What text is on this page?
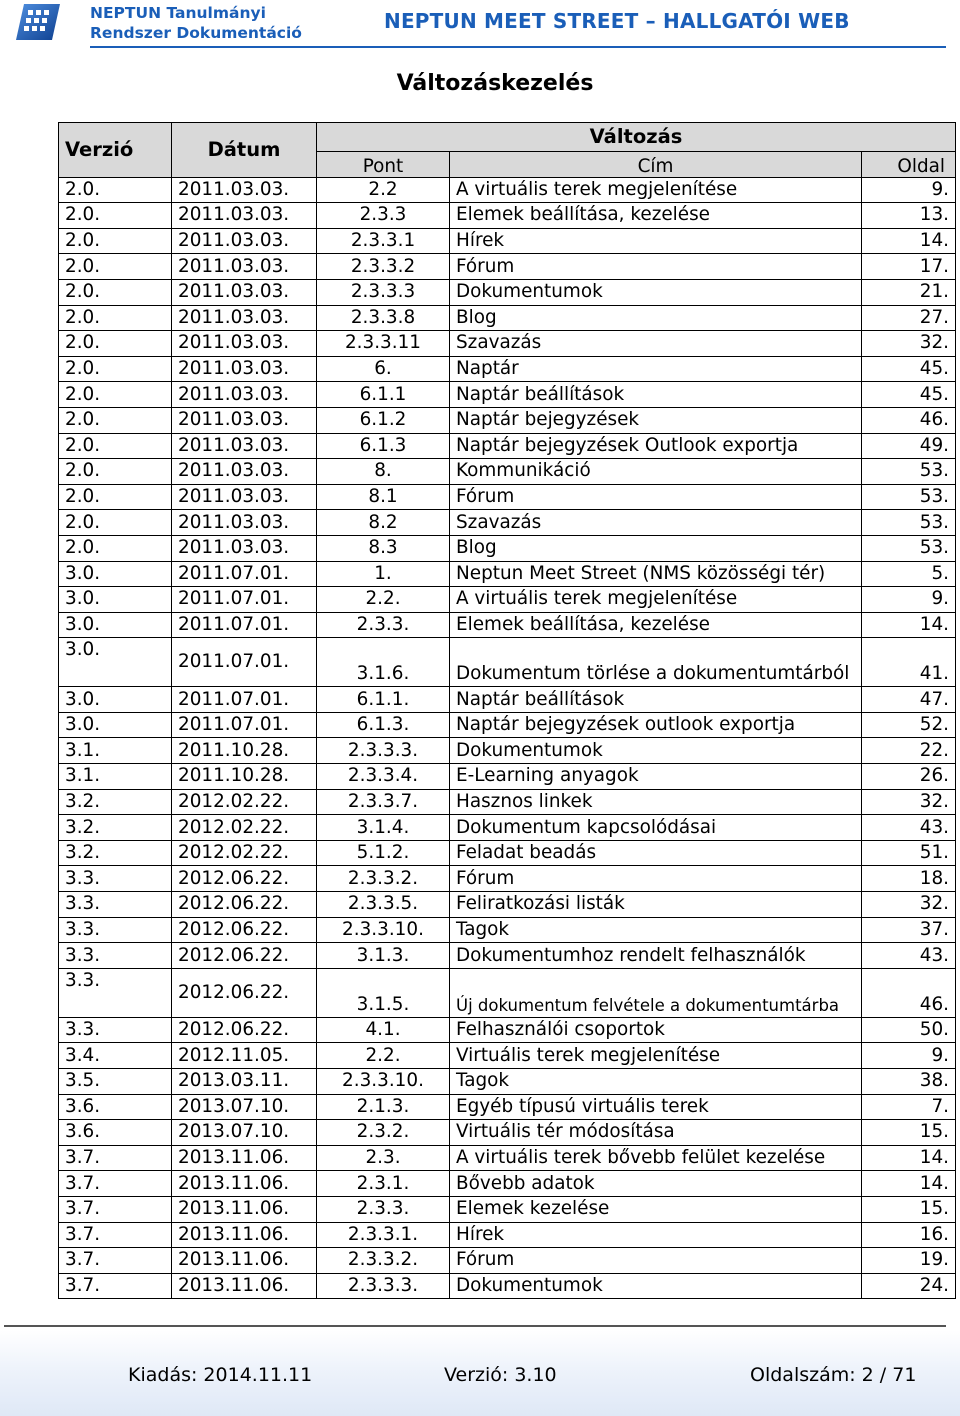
NEPTUN Tanulmányi
Rendszer Dokumentáció	NEPTUN MEET STREET – HALLGATÓI WEB
Változáskezelés
Verzió	Dátum	Változás		
		Pont	Cím	Oldal
2.0.	2011.03.03.	2.2	A virtuális terek megjelenítése	9.
2.0.	2011.03.03.	2.3.3	Elemek beállítása, kezelése	13.
2.0.	2011.03.03.	2.3.3.1	Hírek	14.
2.0.	2011.03.03.	2.3.3.2	Fórum	17.
2.0.	2011.03.03.	2.3.3.3	Dokumentumok	21.
2.0.	2011.03.03.	2.3.3.8	Blog	27.
2.0.	2011.03.03.	2.3.3.11	Szavazás	32.
2.0.	2011.03.03.	6.	Naptár	45.
2.0.	2011.03.03.	6.1.1	Naptár beállítások	45.
2.0.	2011.03.03.	6.1.2	Naptár bejegyzések	46.
2.0.	2011.03.03.	6.1.3	Naptár bejegyzések Outlook exportja	49.
2.0.	2011.03.03.	8.	Kommunikáció	53.
2.0.	2011.03.03.	8.1	Fórum	53.
2.0.	2011.03.03.	8.2	Szavazás	53.
2.0.	2011.03.03.	8.3	Blog	53.
3.0.	2011.07.01.	1.	Neptun Meet Street (NMS közösségi tér)	5.
3.0.	2011.07.01.	2.2.	A virtuális terek megjelenítése	9.
3.0.	2011.07.01.	2.3.3.	Elemek beállítása, kezelése	14.
3.0.	2011.07.01.	3.1.6.	Dokumentum törlése a dokumentumtárból	41.
3.0.	2011.07.01.	6.1.1.	Naptár beállítások	47.
3.0.	2011.07.01.	6.1.3.	Naptár bejegyzések outlook exportja	52.
3.1.	2011.10.28.	2.3.3.3.	Dokumentumok	22.
3.1.	2011.10.28.	2.3.3.4.	E-Learning anyagok	26.
3.2.	2012.02.22.	2.3.3.7.	Hasznos linkek	32.
3.2.	2012.02.22.	3.1.4.	Dokumentum kapcsolódásai	43.
3.2.	2012.02.22.	5.1.2.	Feladat beadás	51.
3.3.	2012.06.22.	2.3.3.2.	Fórum	18.
3.3.	2012.06.22.	2.3.3.5.	Feliratkozási listák	32.
3.3.	2012.06.22.	2.3.3.10.	Tagok	37.
3.3.	2012.06.22.	3.1.3.	Dokumentumhoz rendelt felhasználók	43.
3.3.	2012.06.22.	3.1.5.	Új dokumentum felvétele a dokumentumtárba	46.
3.3.	2012.06.22.	4.1.	Felhasználói csoportok	50.
3.4.	2012.11.05.	2.2.	Virtuális terek megjelenítése	9.
3.5.	2013.03.11.	2.3.3.10.	Tagok	38.
3.6.	2013.07.10.	2.1.3.	Egyéb típusú virtuális terek	7.
3.6.	2013.07.10.	2.3.2.	Virtuális tér módosítása	15.
3.7.	2013.11.06.	2.3.	A virtuális terek bővebb felület kezelése	14.
3.7.	2013.11.06.	2.3.1.	Bővebb adatok	14.
3.7.	2013.11.06.	2.3.3.	Elemek kezelése	15.
3.7.	2013.11.06.	2.3.3.1.	Hírek	16.
3.7.	2013.11.06.	2.3.3.2.	Fórum	19.
3.7.	2013.11.06.	2.3.3.3.	Dokumentumok	24.
Kiadás: 2014.11.11	Verzió: 3.10	Oldalszám: 2 / 71
